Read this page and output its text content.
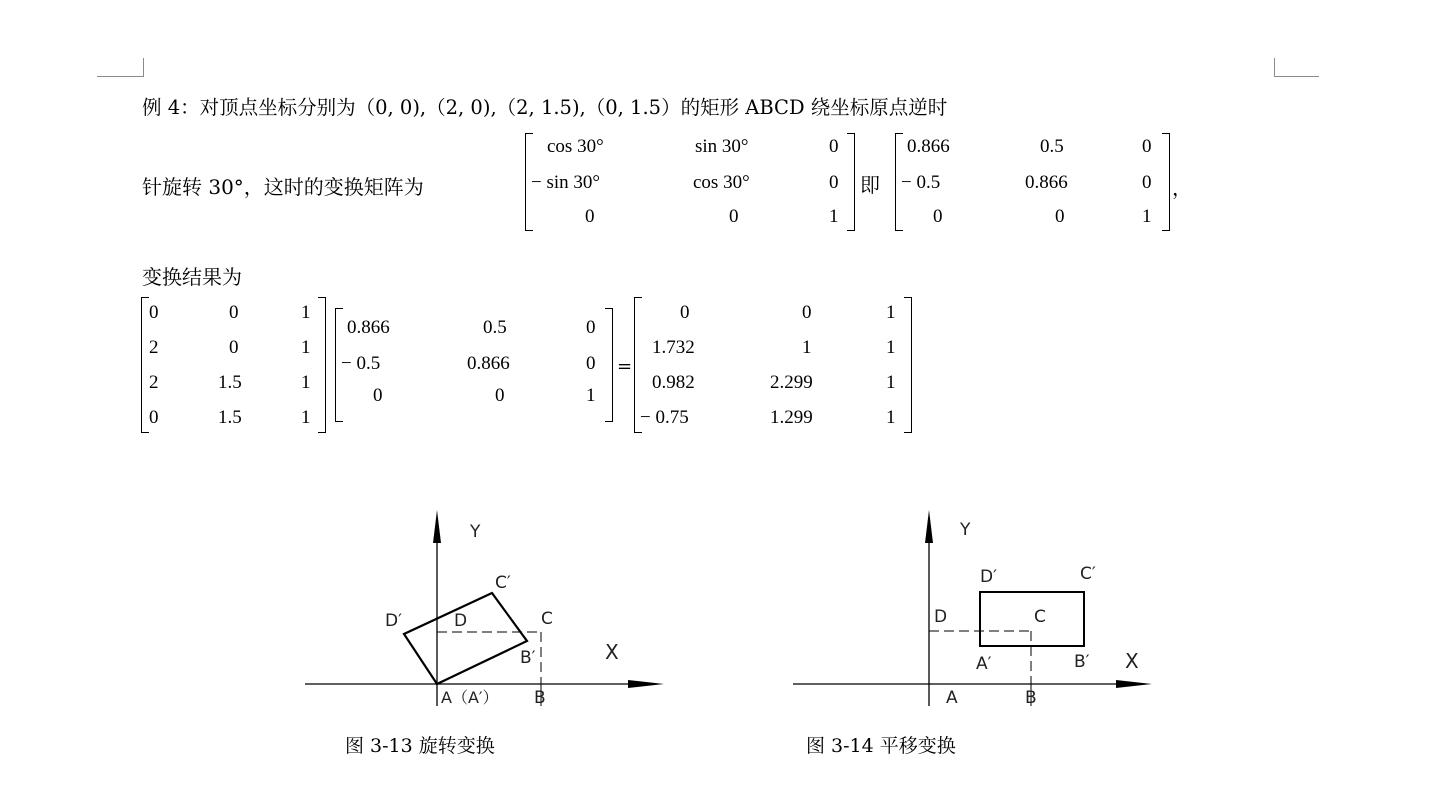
例 4：对顶点坐标分别为（0, 0),（2, 0),（2, 1.5),（0, 1.5）的矩形 ABCD 绕坐标原点逆时
针旋转 30°，这时的变换矩阵为
cos 30°	sin 30°	0
− sin 30°	cos 30°	0
0	0	1
即
0.866	0.5	0
− 0.5	0.866	0
0	0	1
，
变换结果为
0	0	1
2	0	1
2	1.5	1
0	1.5	1
0.866	0.5	0
− 0.5	0.866	0
0	0	1
=
0	0	1
1.732	1	1
0.982	2.299	1
− 0.75	1.299	1
Y
C′
D′	D	C
B′	X
A（A′） B
图 3-13 旋转变换
Y
D′	C′
D	C
A′	B′ X
A	B
图 3-14 平移变换
